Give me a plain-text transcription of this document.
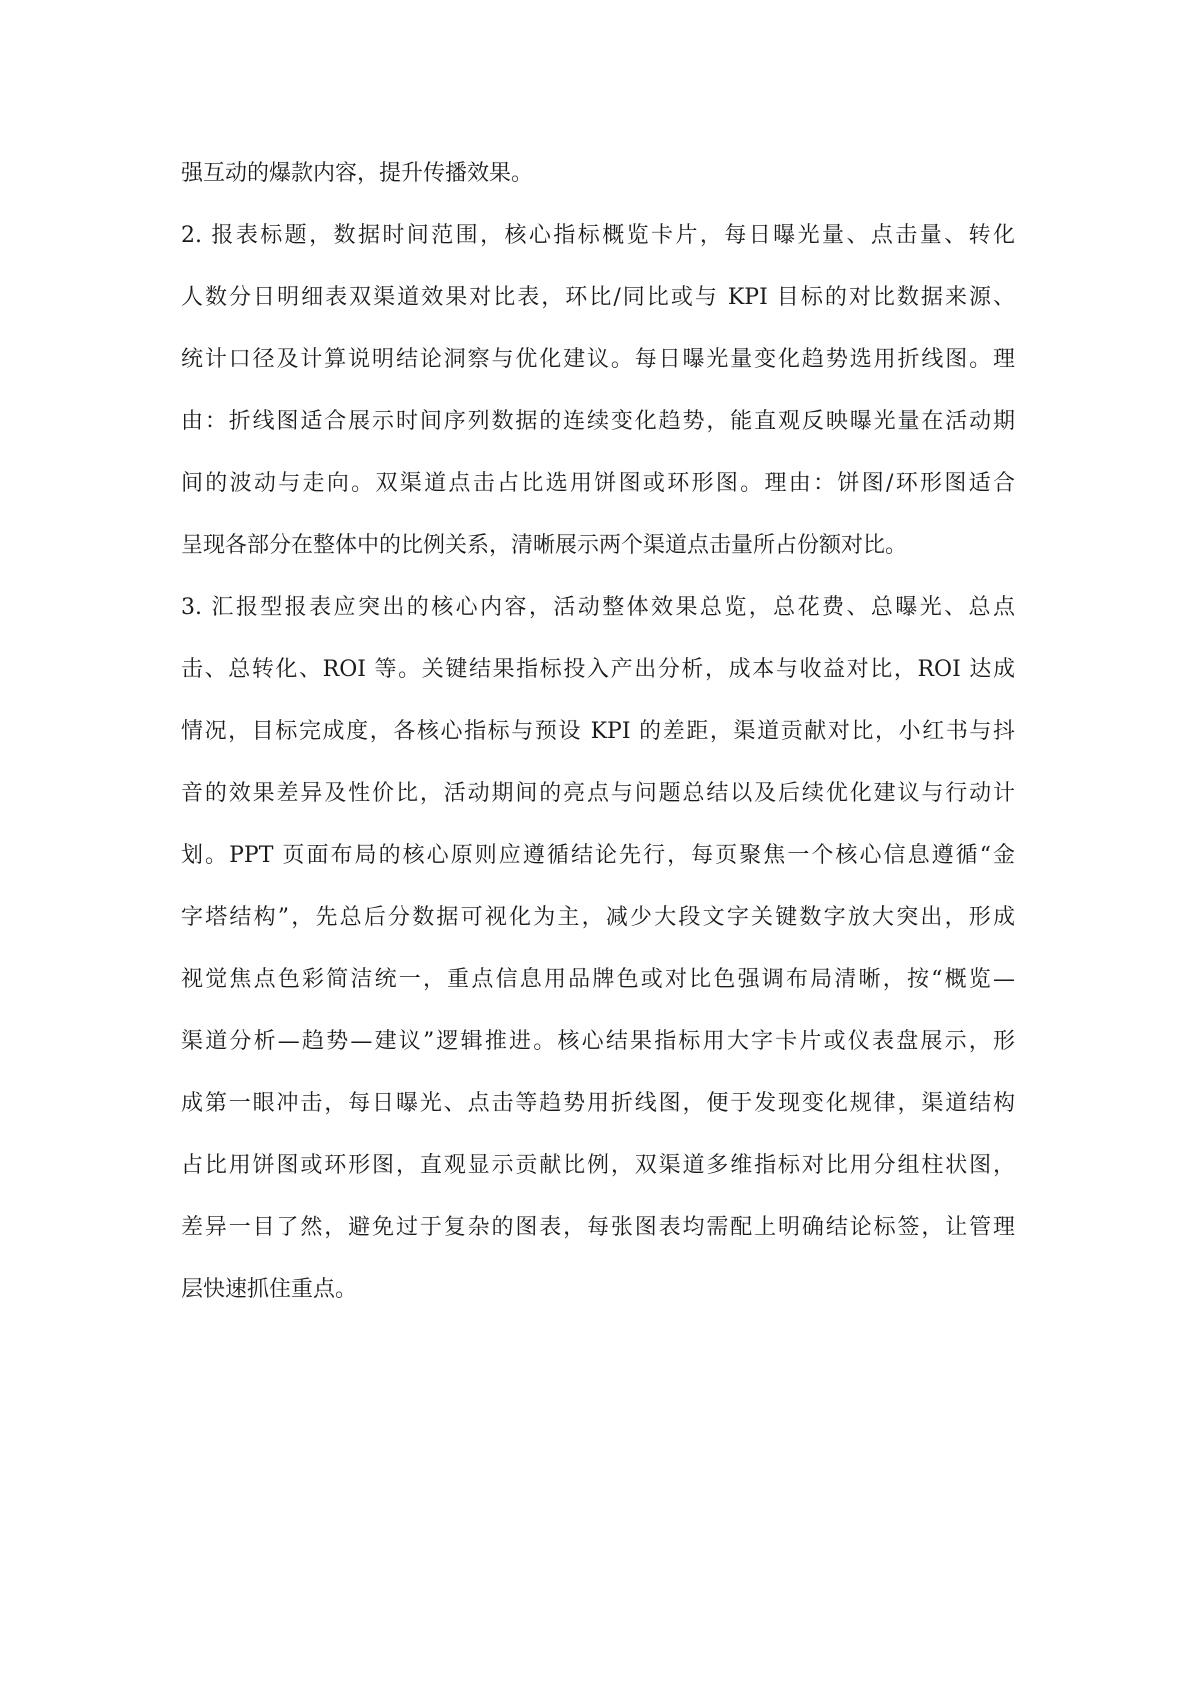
强互动的爆款内容，提升传播效果。
2. 报表标题，数据时间范围，核心指标概览卡片，每日曝光量、点击量、转化
人数分日明细表双渠道效果对比表，环比/同比或与 KPI 目标的对比数据来源、
统计口径及计算说明结论洞察与优化建议。每日曝光量变化趋势选用折线图。理
由：折线图适合展示时间序列数据的连续变化趋势，能直观反映曝光量在活动期
间的波动与走向。双渠道点击占比选用饼图或环形图。理由：饼图/环形图适合
呈现各部分在整体中的比例关系，清晰展示两个渠道点击量所占份额对比。
3. 汇报型报表应突出的核心内容，活动整体效果总览，总花费、总曝光、总点
击、总转化、ROI 等。关键结果指标投入产出分析，成本与收益对比，ROI 达成
情况，目标完成度，各核心指标与预设 KPI 的差距，渠道贡献对比，小红书与抖
音的效果差异及性价比，活动期间的亮点与问题总结以及后续优化建议与行动计
划。PPT 页面布局的核心原则应遵循结论先行，每页聚焦一个核心信息遵循“金
字塔结构”，先总后分数据可视化为主，减少大段文字关键数字放大突出，形成
视觉焦点色彩简洁统一，重点信息用品牌色或对比色强调布局清晰，按“概览—
渠道分析—趋势—建议”逻辑推进。核心结果指标用大字卡片或仪表盘展示，形
成第一眼冲击，每日曝光、点击等趋势用折线图，便于发现变化规律，渠道结构
占比用饼图或环形图，直观显示贡献比例，双渠道多维指标对比用分组柱状图，
差异一目了然，避免过于复杂的图表，每张图表均需配上明确结论标签，让管理
层快速抓住重点。
